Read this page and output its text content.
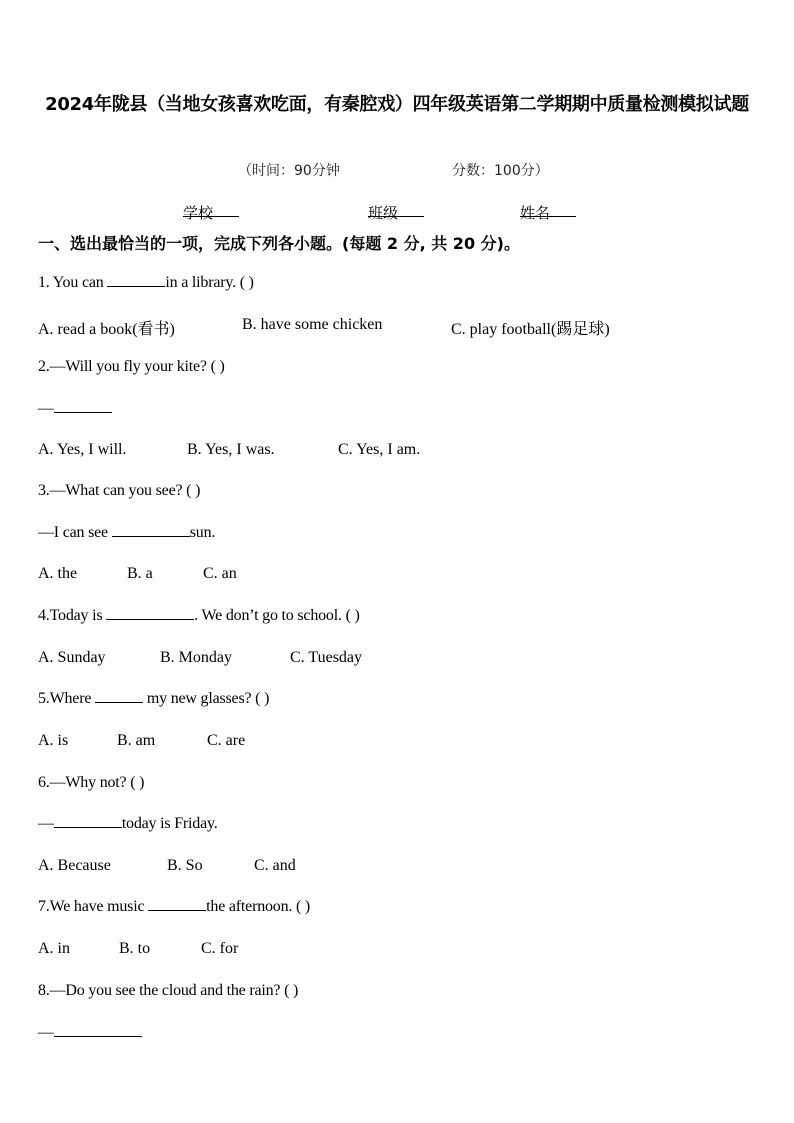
2024年陇县（当地女孩喜欢吃面，有秦腔戏）四年级英语第二学期期中质量检测模拟试题
（时间：90分钟	分数：100分）
学校	班级	姓名
一、选出最恰当的一项，完成下列各小题。(每题 2 分, 共 20 分)。
1. You can	in a library. ( )
A. read a book(看书)	B. have some chicken	C. play football(踢足球)
2.—Will you fly your kite? ( )
—
A. Yes, I will.	B. Yes, I was.	C. Yes, I am.
3.—What can you see? ( )
—I can see	sun.
A. the	B. a	C. an
4.Today is	. We don’t go to school. ( )
A. Sunday	B. Monday	C. Tuesday
5.Where	my new glasses? ( )
A. is	B. am	C. are
6.—Why not? ( )
—	today is Friday.
A. Because	B. So	C. and
7.We have music	the afternoon. ( )
A. in	B. to	C. for
8.—Do you see the cloud and the rain? ( )
—
